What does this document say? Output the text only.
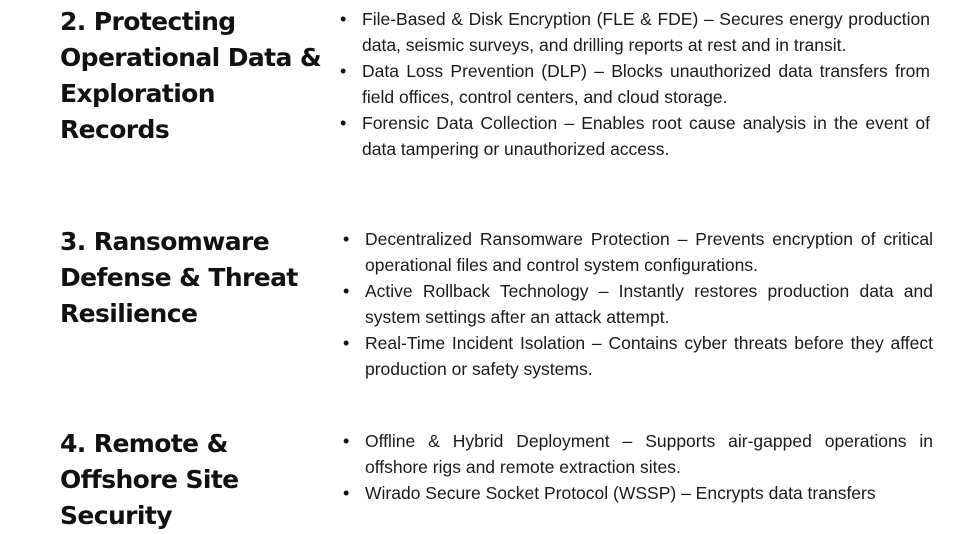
2. Protecting Operational Data & Exploration Records
• File-Based & Disk Encryption (FLE & FDE) – Secures energy production data, seismic surveys, and drilling reports at rest and in transit.
• Data Loss Prevention (DLP) – Blocks unauthorized data transfers from field offices, control centers, and cloud storage.
• Forensic Data Collection – Enables root cause analysis in the event of data tampering or unauthorized access.
3. Ransomware Defense & Threat Resilience
• Decentralized Ransomware Protection – Prevents encryption of critical operational files and control system configurations.
• Active Rollback Technology – Instantly restores production data and system settings after an attack attempt.
• Real-Time Incident Isolation – Contains cyber threats before they affect production or safety systems.
4. Remote & Offshore Site Security
• Offline & Hybrid Deployment – Supports air-gapped operations in offshore rigs and remote extraction sites.
• Wirado Secure Socket Protocol (WSSP) – Encrypts data transfers
